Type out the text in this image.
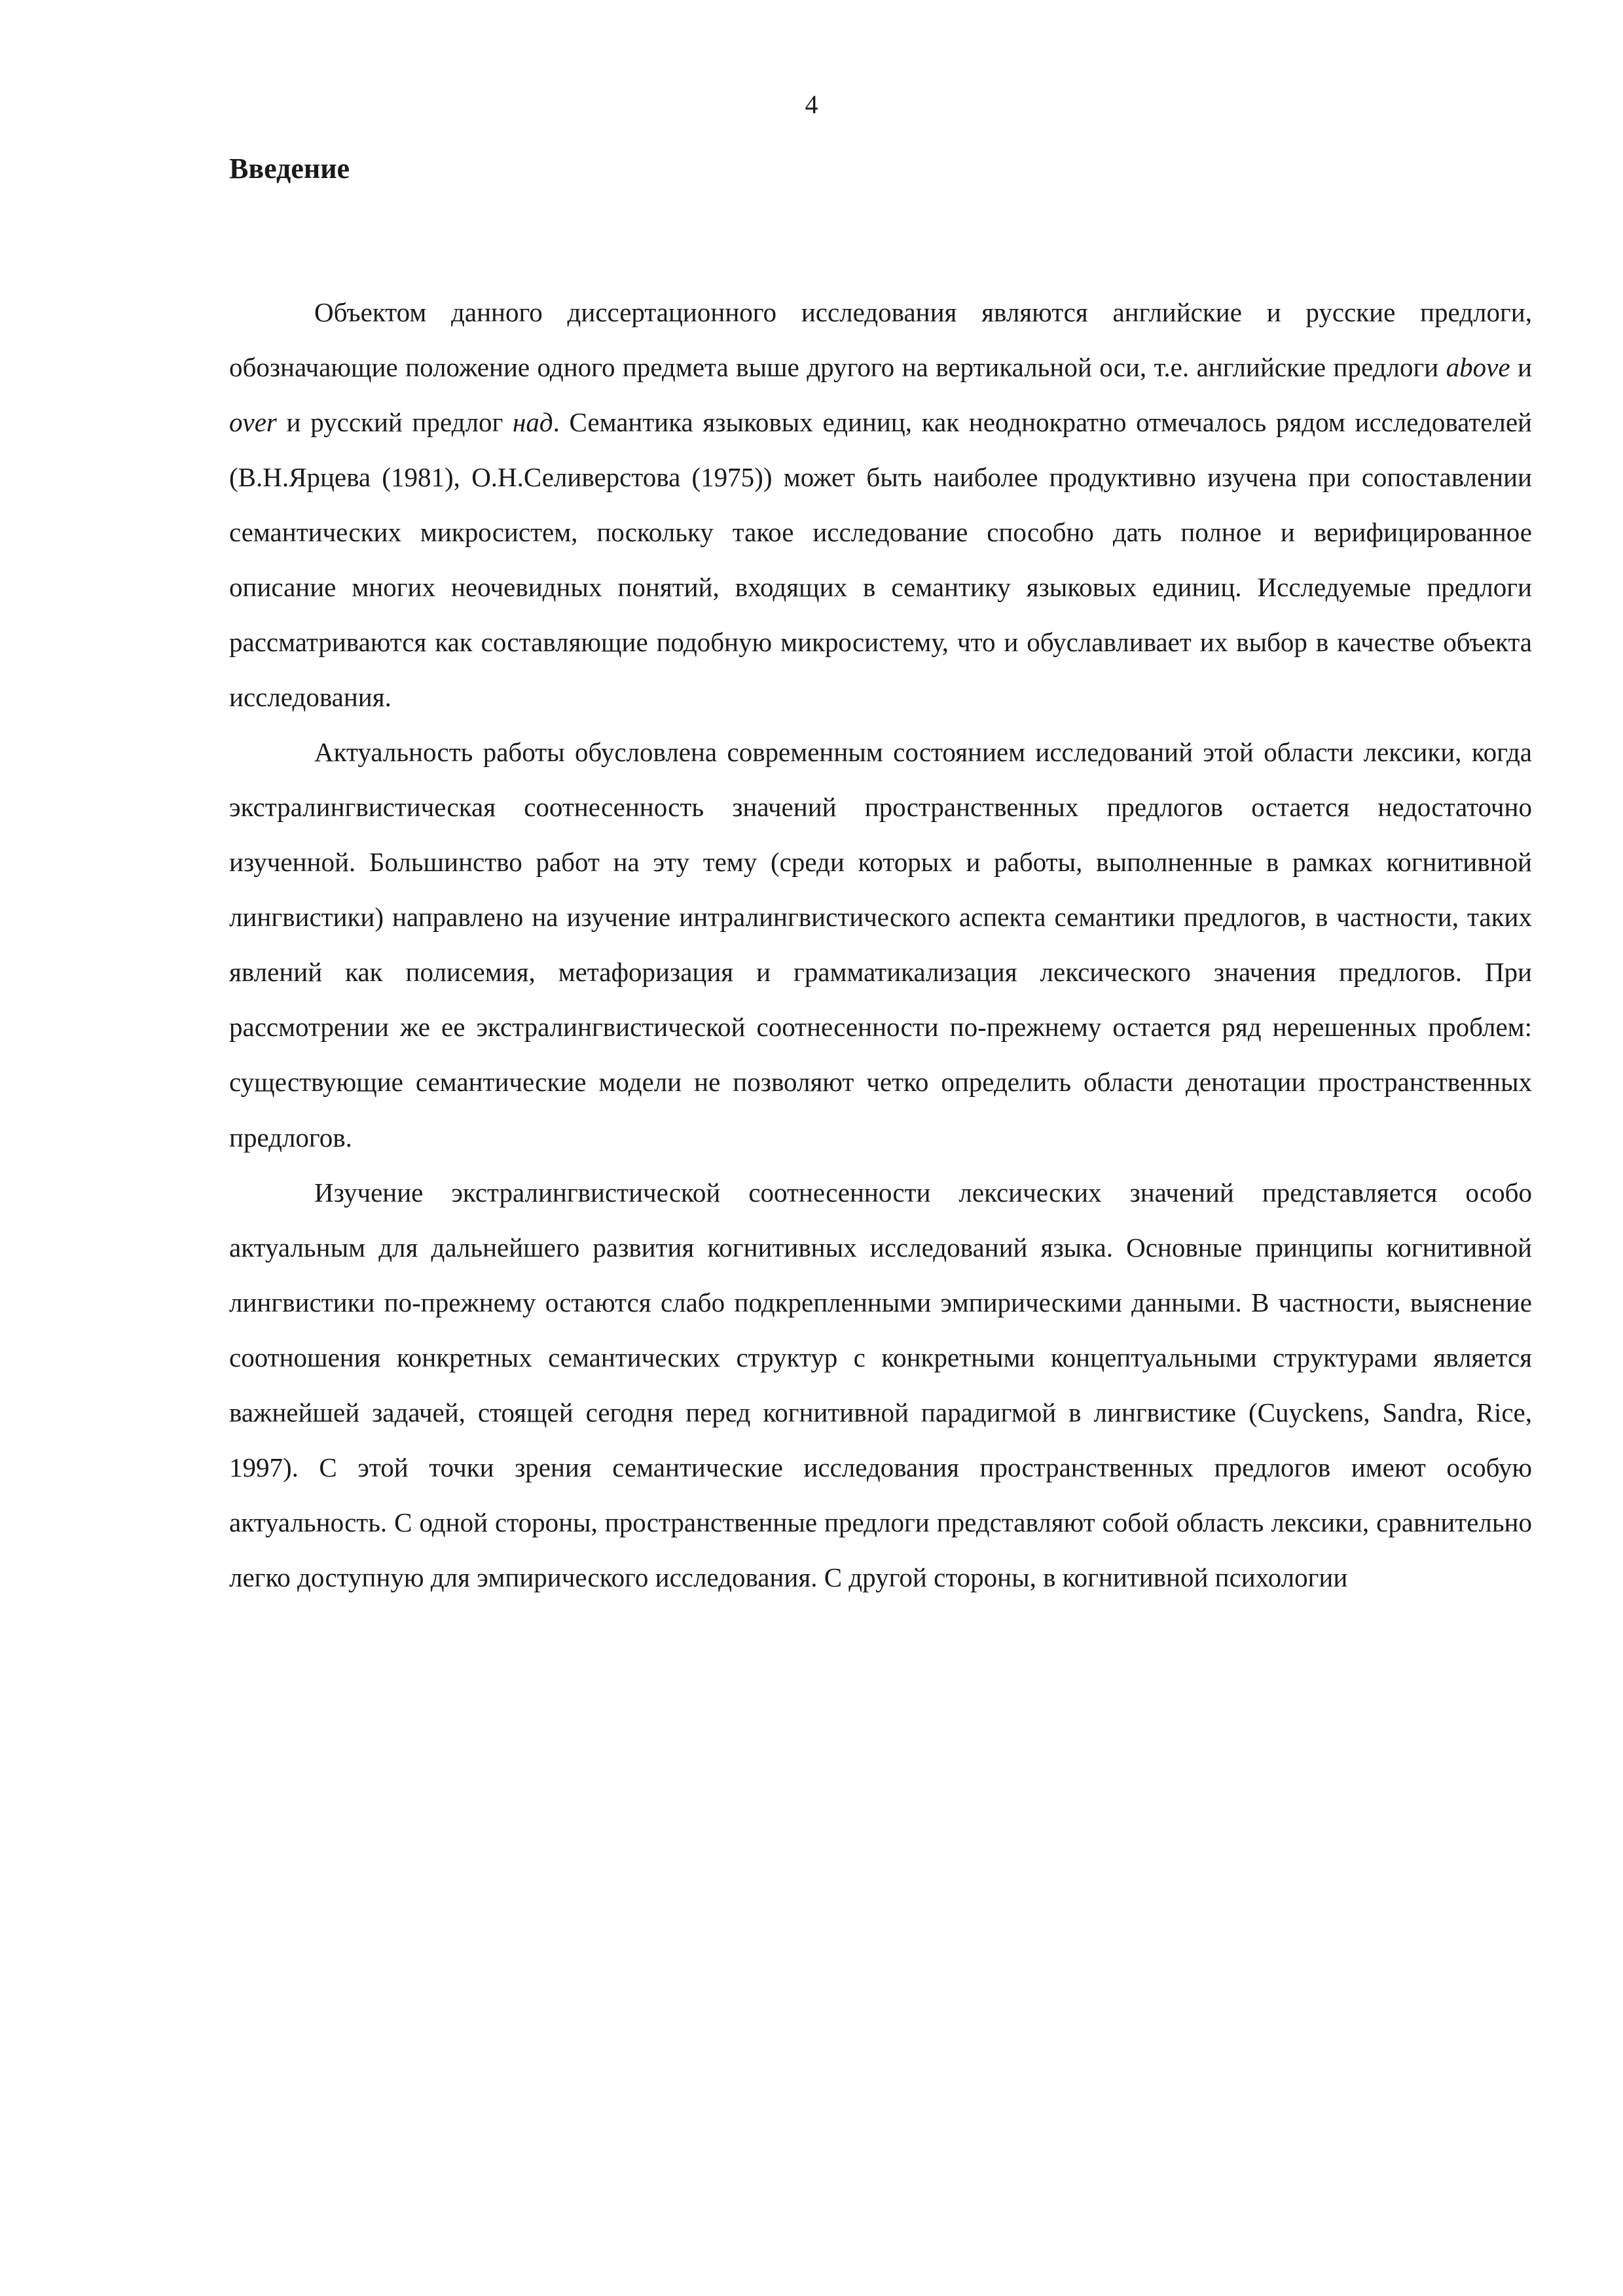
4
Введение

Объектом данного диссертационного исследования являются английские и русские предлоги, обозначающие положение одного предмета выше другого на вертикальной оси, т.е. английские предлоги above и over и русский предлог над. Семантика языковых единиц, как неоднократно отмечалось рядом исследователей (В.Н.Ярцева (1981), О.Н.Селиверстова (1975)) может быть наиболее продуктивно изучена при сопоставлении семантических микросистем, поскольку такое исследование способно дать полное и верифицированное описание многих неочевидных понятий, входящих в семантику языковых единиц. Исследуемые предлоги рассматриваются как составляющие подобную микросистему, что и обуславливает их выбор в качестве объекта исследования.

Актуальность работы обусловлена современным состоянием исследований этой области лексики, когда экстралингвистическая соотнесенность значений пространственных предлогов остается недостаточно изученной. Большинство работ на эту тему (среди которых и работы, выполненные в рамках когнитивной лингвистики) направлено на изучение интралингвистического аспекта семантики предлогов, в частности, таких явлений как полисемия, метафоризация и грамматикализация лексического значения предлогов. При рассмотрении же ее экстралингвистической соотнесенности по-прежнему остается ряд нерешенных проблем: существующие семантические модели не позволяют четко определить области денотации пространственных предлогов.

Изучение экстралингвистической соотнесенности лексических значений представляется особо актуальным для дальнейшего развития когнитивных исследований языка. Основные принципы когнитивной лингвистики по-прежнему остаются слабо подкрепленными эмпирическими данными. В частности, выяснение соотношения конкретных семантических структур с конкретными концептуальными структурами является важнейшей задачей, стоящей сегодня перед когнитивной парадигмой в лингвистике (Cuyckens, Sandra, Rice, 1997). С этой точки зрения семантические исследования пространственных предлогов имеют особую актуальность. С одной стороны, пространственные предлоги представляют собой область лексики, сравнительно легко доступную для эмпирического исследования. С другой стороны, в когнитивной психологии
